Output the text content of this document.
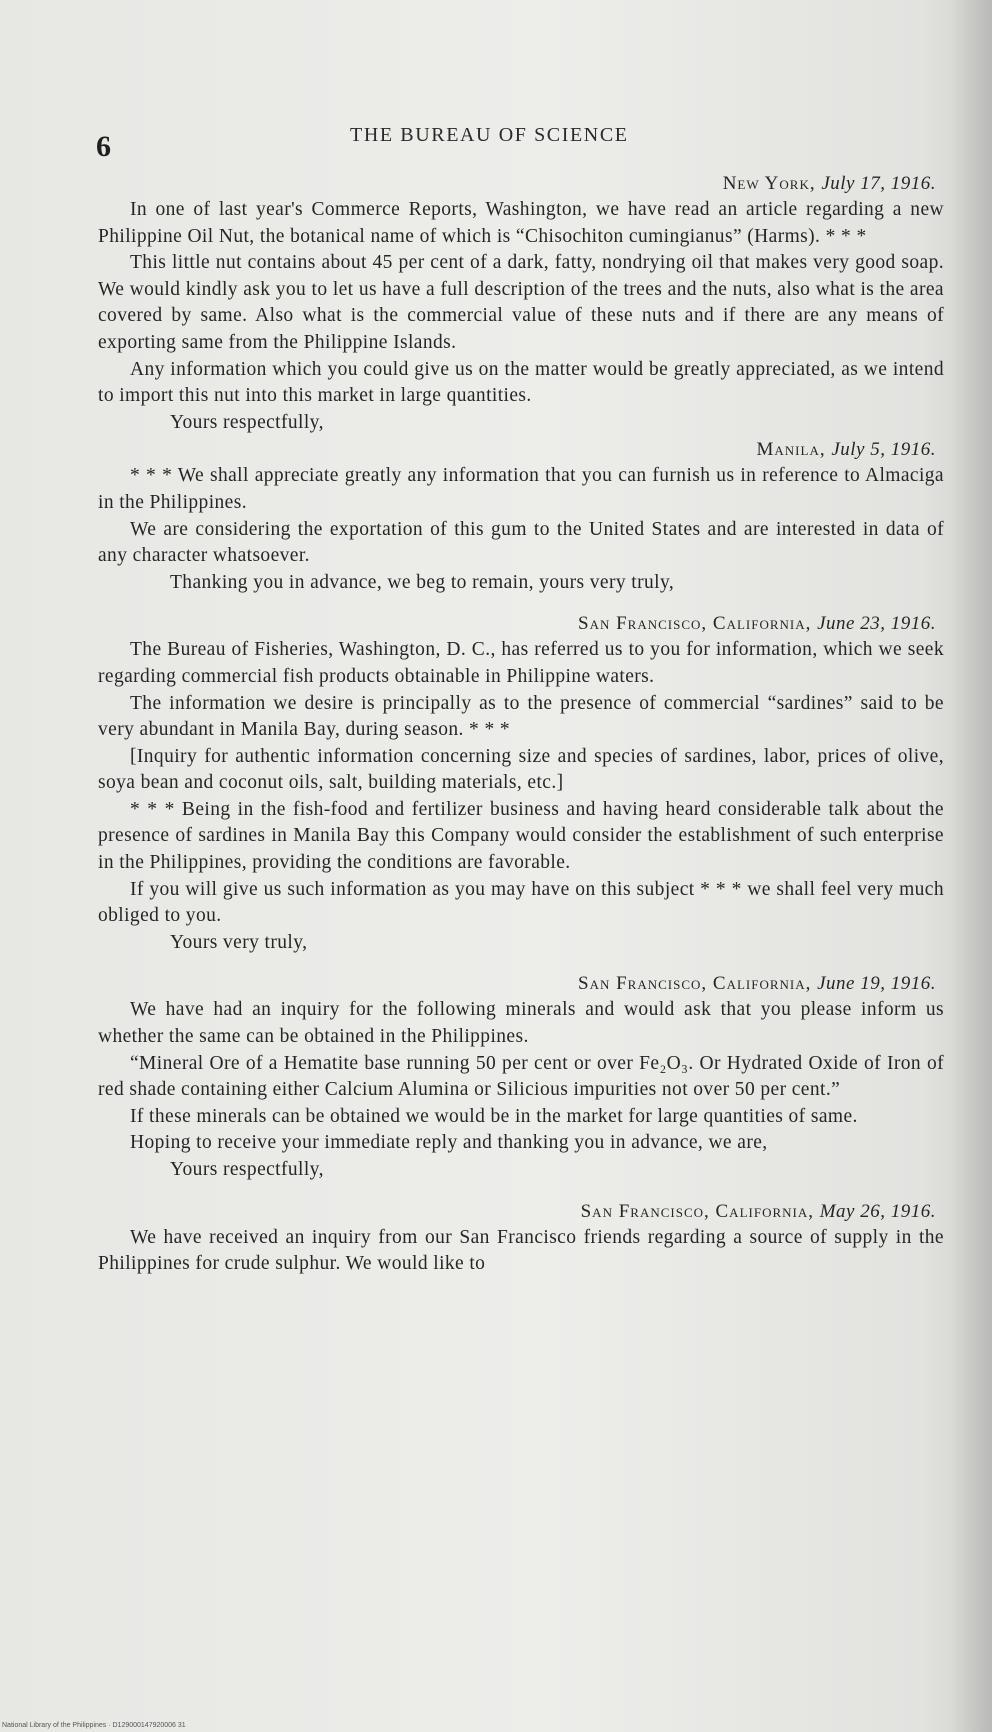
6	THE BUREAU OF SCIENCE

New York, July 17, 1916.

In one of last year's Commerce Reports, Washington, we have read an article regarding a new Philippine Oil Nut, the botanical name of which is “Chisochiton cumingianus” (Harms). * * *

This little nut contains about 45 per cent of a dark, fatty, nondrying oil that makes very good soap. We would kindly ask you to let us have a full description of the trees and the nuts, also what is the area covered by same. Also what is the commercial value of these nuts and if there are any means of exporting same from the Philippine Islands.

Any information which you could give us on the matter would be greatly appreciated, as we intend to import this nut into this market in large quantities.

Yours respectfully,

Manila, July 5, 1916.

* * * We shall appreciate greatly any information that you can furnish us in reference to Almaciga in the Philippines.

We are considering the exportation of this gum to the United States and are interested in data of any character whatsoever.

Thanking you in advance, we beg to remain, yours very truly,

San Francisco, California, June 23, 1916.

The Bureau of Fisheries, Washington, D. C., has referred us to you for information, which we seek regarding commercial fish products obtainable in Philippine waters.

The information we desire is principally as to the presence of commercial “sardines” said to be very abundant in Manila Bay, during season. * * *

[Inquiry for authentic information concerning size and species of sardines, labor, prices of olive, soya bean and coconut oils, salt, building materials, etc.]

* * * Being in the fish-food and fertilizer business and having heard considerable talk about the presence of sardines in Manila Bay this Company would consider the establishment of such enterprise in the Philippines, providing the conditions are favorable.

If you will give us such information as you may have on this subject * * * we shall feel very much obliged to you.

Yours very truly,

San Francisco, California, June 19, 1916.

We have had an inquiry for the following minerals and would ask that you please inform us whether the same can be obtained in the Philippines.

“Mineral Ore of a Hematite base running 50 per cent or over Fe₂O₃. Or Hydrated Oxide of Iron of red shade containing either Calcium Alumina or Silicious impurities not over 50 per cent.”

If these minerals can be obtained we would be in the market for large quantities of same.

Hoping to receive your immediate reply and thanking you in advance, we are,

Yours respectfully,

San Francisco, California, May 26, 1916.

We have received an inquiry from our San Francisco friends regarding a source of supply in the Philippines for crude sulphur. We would like to

National Library of the Philippines · D129000147920006 31
